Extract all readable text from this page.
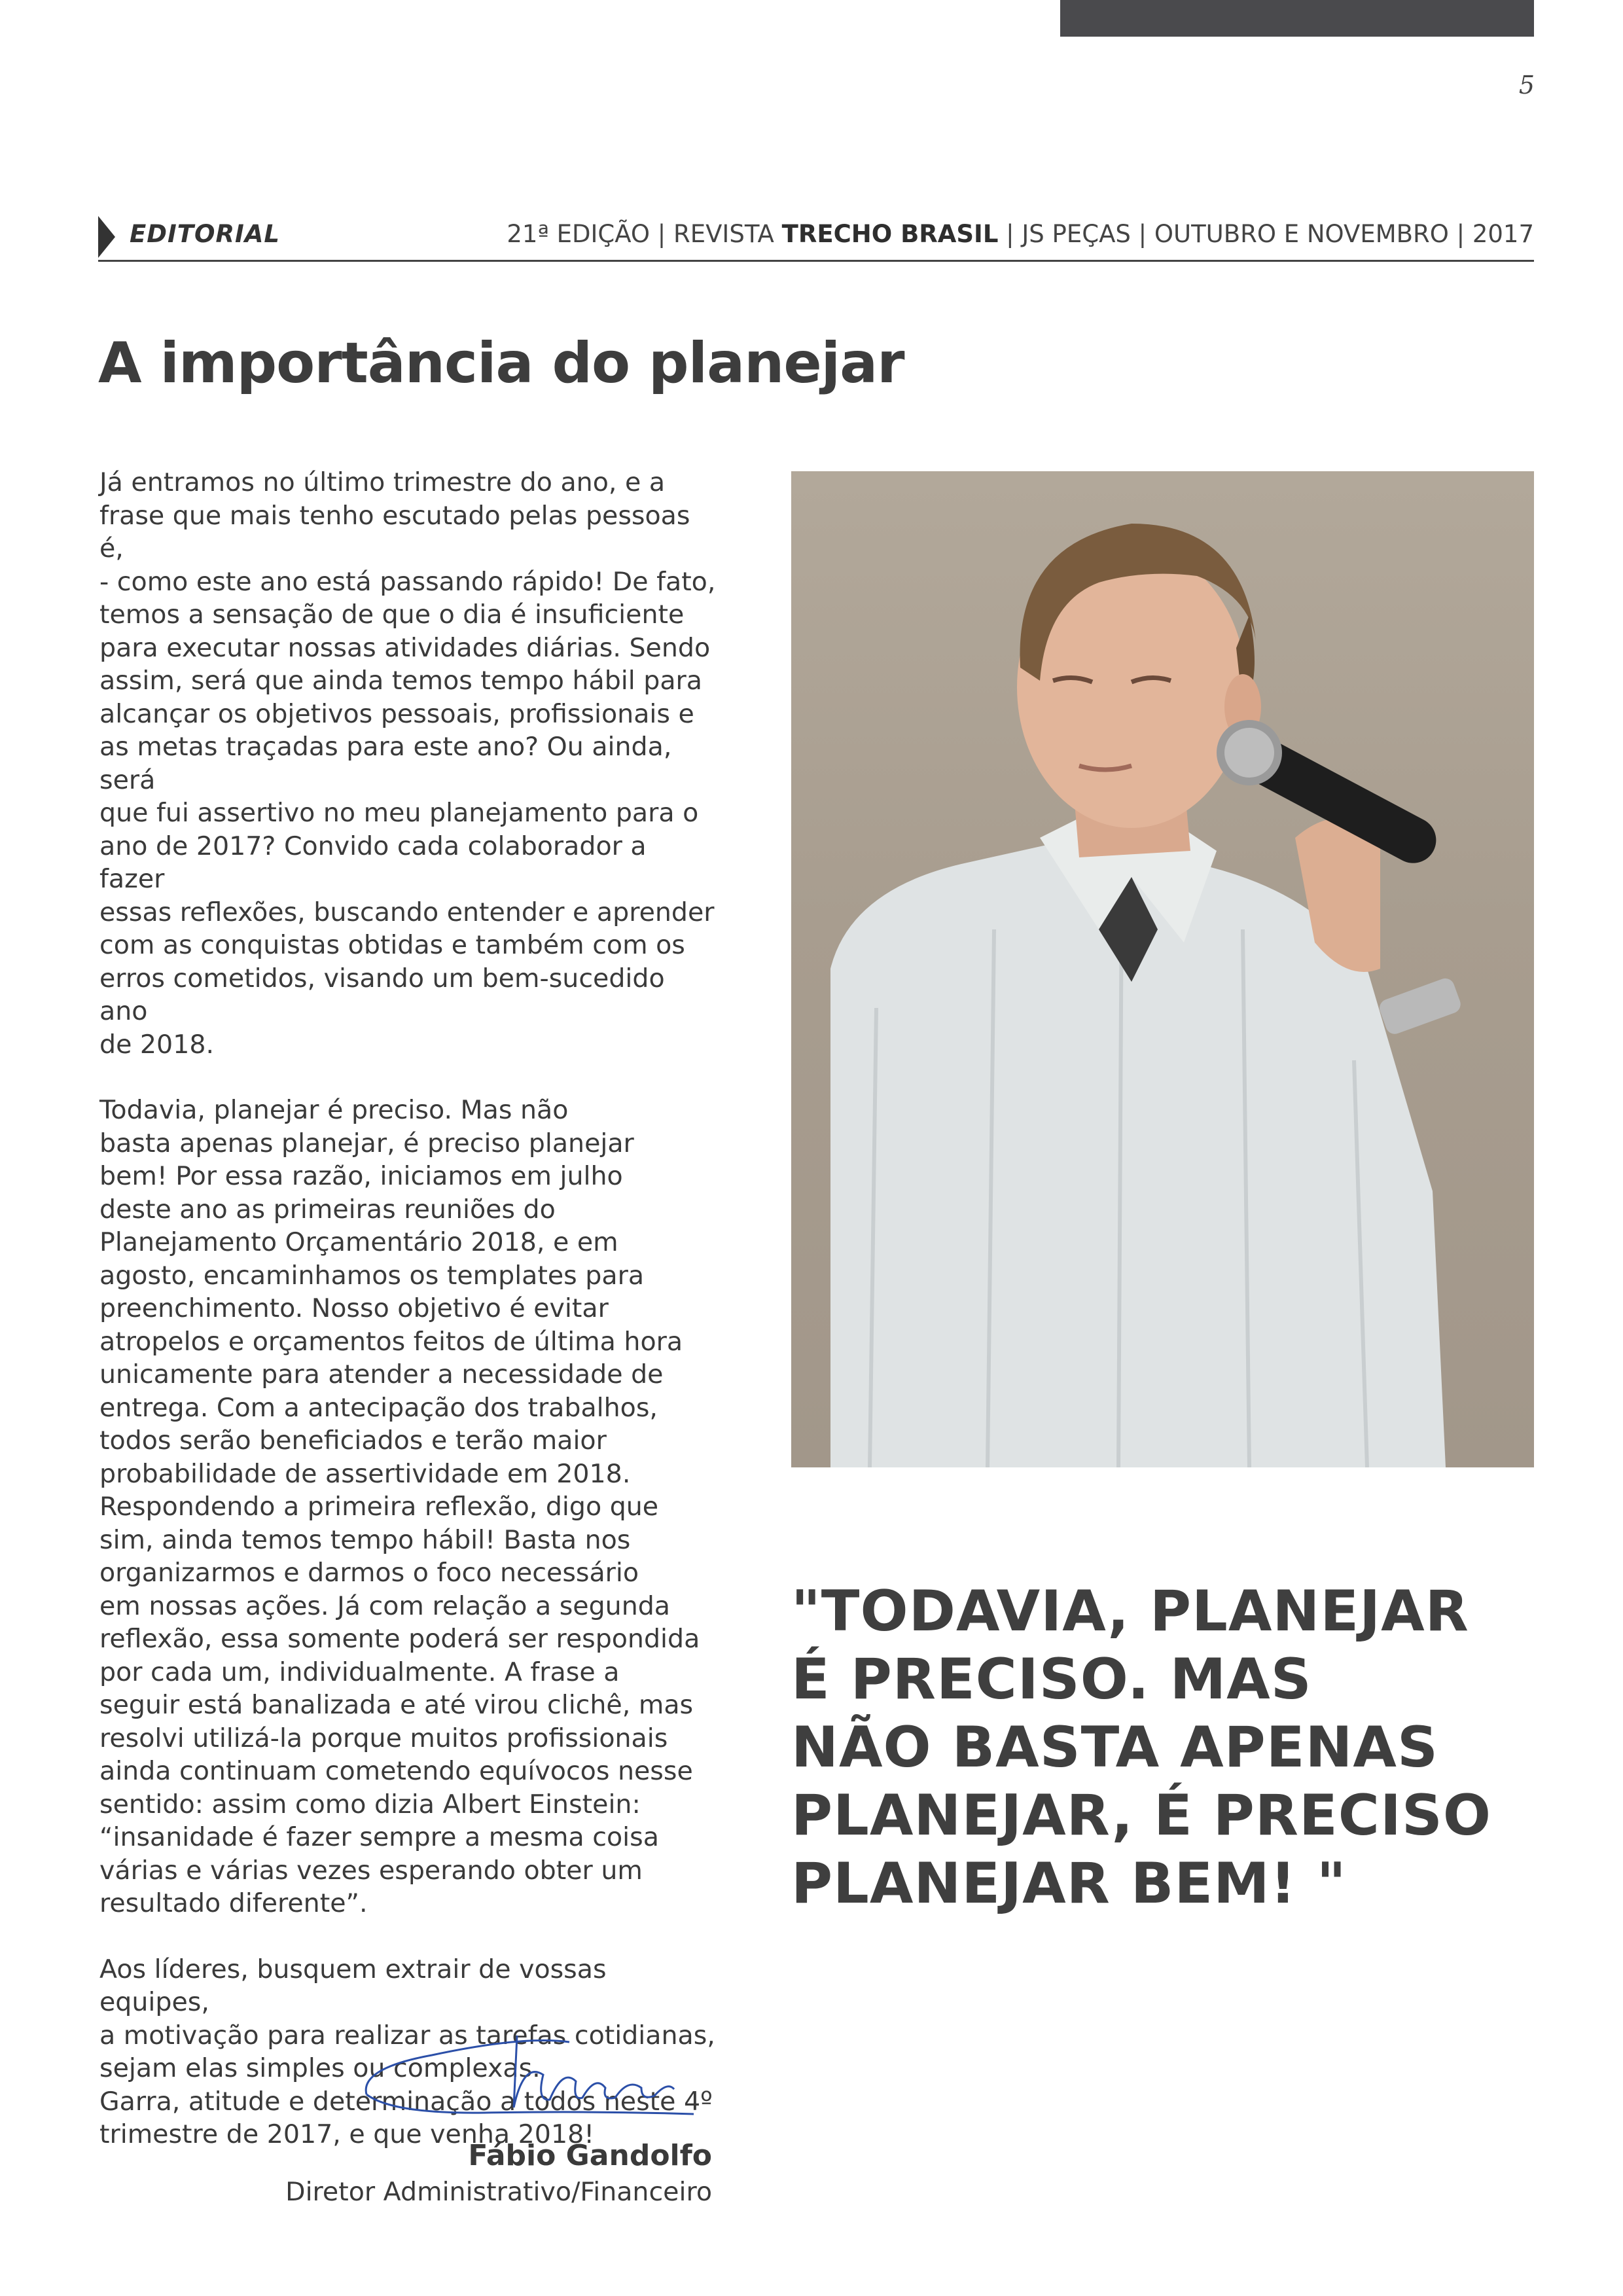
5
EDITORIAL	21ª EDIÇÃO | REVISTA TRECHO BRASIL | JS PEÇAS | OUTUBRO E NOVEMBRO | 2017
A importância do planejar

Já entramos no último trimestre do ano, e a
frase que mais tenho escutado pelas pessoas é,
- como este ano está passando rápido! De fato,
temos a sensação de que o dia é insuficiente
para executar nossas atividades diárias. Sendo
assim, será que ainda temos tempo hábil para
alcançar os objetivos pessoais, profissionais e
as metas traçadas para este ano? Ou ainda, será
que fui assertivo no meu planejamento para o
ano de 2017? Convido cada colaborador a fazer
essas reflexões, buscando entender e aprender
com as conquistas obtidas e também com os
erros cometidos, visando um bem-sucedido ano
de 2018.

Todavia, planejar é preciso. Mas não
basta apenas planejar, é preciso planejar
bem! Por essa razão, iniciamos em julho
deste ano as primeiras reuniões do
Planejamento Orçamentário 2018, e em
agosto, encaminhamos os templates para
preenchimento. Nosso objetivo é evitar
atropelos e orçamentos feitos de última hora
unicamente para atender a necessidade de
entrega. Com a antecipação dos trabalhos,
todos serão beneficiados e terão maior
probabilidade de assertividade em 2018.
Respondendo a primeira reflexão, digo que
sim, ainda temos tempo hábil! Basta nos
organizarmos e darmos o foco necessário
em nossas ações. Já com relação a segunda
reflexão, essa somente poderá ser respondida
por cada um, individualmente. A frase a
seguir está banalizada e até virou clichê, mas
resolvi utilizá-la porque muitos profissionais
ainda continuam cometendo equívocos nesse
sentido: assim como dizia Albert Einstein:
“insanidade é fazer sempre a mesma coisa
várias e várias vezes esperando obter um
resultado diferente”.

Aos líderes, busquem extrair de vossas equipes,
a motivação para realizar as tarefas cotidianas,
sejam elas simples ou complexas.
Garra, atitude e determinação a todos neste 4º
trimestre de 2017, e que venha 2018!

"TODAVIA, PLANEJAR
É PRECISO. MAS
NÃO BASTA APENAS
PLANEJAR, É PRECISO
PLANEJAR BEM! "
Fábio Gandolfo
Diretor Administrativo/Financeiro
